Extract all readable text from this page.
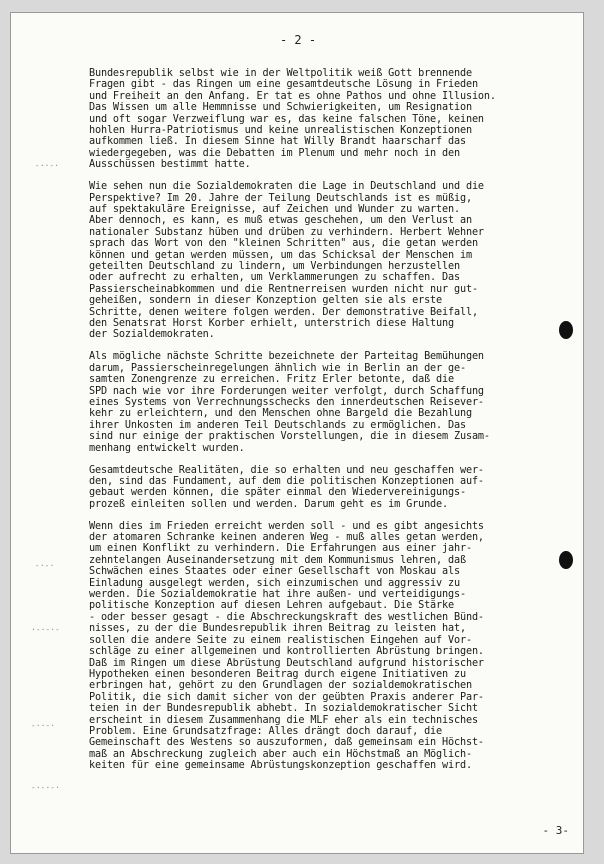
- 2 -
-··-·
-·-·
·-·-·-
-··-·
-·-·-·
Bundesrepublik selbst wie in der Weltpolitik weiß Gott brennende
Fragen gibt - das Ringen um eine gesamtdeutsche Lösung in Frieden
und Freiheit an den Anfang. Er tat es ohne Pathos und ohne Illusion.
Das Wissen um alle Hemmnisse und Schwierigkeiten, um Resignation
und oft sogar Verzweiflung war es, das keine falschen Töne, keinen
hohlen Hurra-Patriotismus und keine unrealistischen Konzeptionen
aufkommen ließ. In diesem Sinne hat Willy Brandt haarscharf das
wiedergegeben, was die Debatten im Plenum und mehr noch in den
Ausschüssen bestimmt hatte.
Wie sehen nun die Sozialdemokraten die Lage in Deutschland und die
Perspektive? Im 20. Jahre der Teilung Deutschlands ist es müßig,
auf spektakuläre Ereignisse, auf Zeichen und Wunder zu warten.
Aber dennoch, es kann, es muß etwas geschehen, um den Verlust an
nationaler Substanz hüben und drüben zu verhindern. Herbert Wehner
sprach das Wort von den "kleinen Schritten" aus, die getan werden
können und getan werden müssen, um das Schicksal der Menschen im
geteilten Deutschland zu lindern, um Verbindungen herzustellen
oder aufrecht zu erhalten, um Verklammerungen zu schaffen. Das
Passierscheinabkommen und die Rentnerreisen wurden nicht nur gut-
geheißen, sondern in dieser Konzeption gelten sie als erste
Schritte, denen weitere folgen werden. Der demonstrative Beifall,
den Senatsrat Horst Korber erhielt, unterstrich diese Haltung
der Sozialdemokraten.
Als mögliche nächste Schritte bezeichnete der Parteitag Bemühungen
darum, Passierscheinregelungen ähnlich wie in Berlin an der ge-
samten Zonengrenze zu erreichen. Fritz Erler betonte, daß die
SPD nach wie vor ihre Forderungen weiter verfolgt, durch Schaffung
eines Systems von Verrechnungsschecks den innerdeutschen Reisever-
kehr zu erleichtern, und den Menschen ohne Bargeld die Bezahlung
ihrer Unkosten im anderen Teil Deutschlands zu ermöglichen. Das
sind nur einige der praktischen Vorstellungen, die in diesem Zusam-
menhang entwickelt wurden.
Gesamtdeutsche Realitäten, die so erhalten und neu geschaffen wer-
den, sind das Fundament, auf dem die politischen Konzeptionen auf-
gebaut werden können, die später einmal den Wiedervereinigungs-
prozeß einleiten sollen und werden. Darum geht es im Grunde.
Wenn dies im Frieden erreicht werden soll - und es gibt angesichts
der atomaren Schranke keinen anderen Weg - muß alles getan werden,
um einen Konflikt zu verhindern. Die Erfahrungen aus einer jahr-
zehntelangen Auseinandersetzung mit dem Kommunismus lehren, daß
Schwächen eines Staates oder einer Gesellschaft von Moskau als
Einladung ausgelegt werden, sich einzumischen und aggressiv zu
werden. Die Sozialdemokratie hat ihre außen- und verteidigungs-
politische Konzeption auf diesen Lehren aufgebaut. Die Stärke
- oder besser gesagt - die Abschreckungskraft des westlichen Bünd-
nisses, zu der die Bundesrepublik ihren Beitrag zu leisten hat,
sollen die andere Seite zu einem realistischen Eingehen auf Vor-
schläge zu einer allgemeinen und kontrollierten Abrüstung bringen.
Daß im Ringen um diese Abrüstung Deutschland aufgrund historischer
Hypotheken einen besonderen Beitrag durch eigene Initiativen zu
erbringen hat, gehört zu den Grundlagen der sozialdemokratischen
Politik, die sich damit sicher von der geübten Praxis anderer Par-
teien in der Bundesrepublik abhebt. In sozialdemokratischer Sicht
erscheint in diesem Zusammenhang die MLF eher als ein technisches
Problem. Eine Grundsatzfrage: Alles drängt doch darauf, die
Gemeinschaft des Westens so auszuformen, daß gemeinsam ein Höchst-
maß an Abschreckung zugleich aber auch ein Höchstmaß an Möglich-
keiten für eine gemeinsame Abrüstungskonzeption geschaffen wird.
- 3-
